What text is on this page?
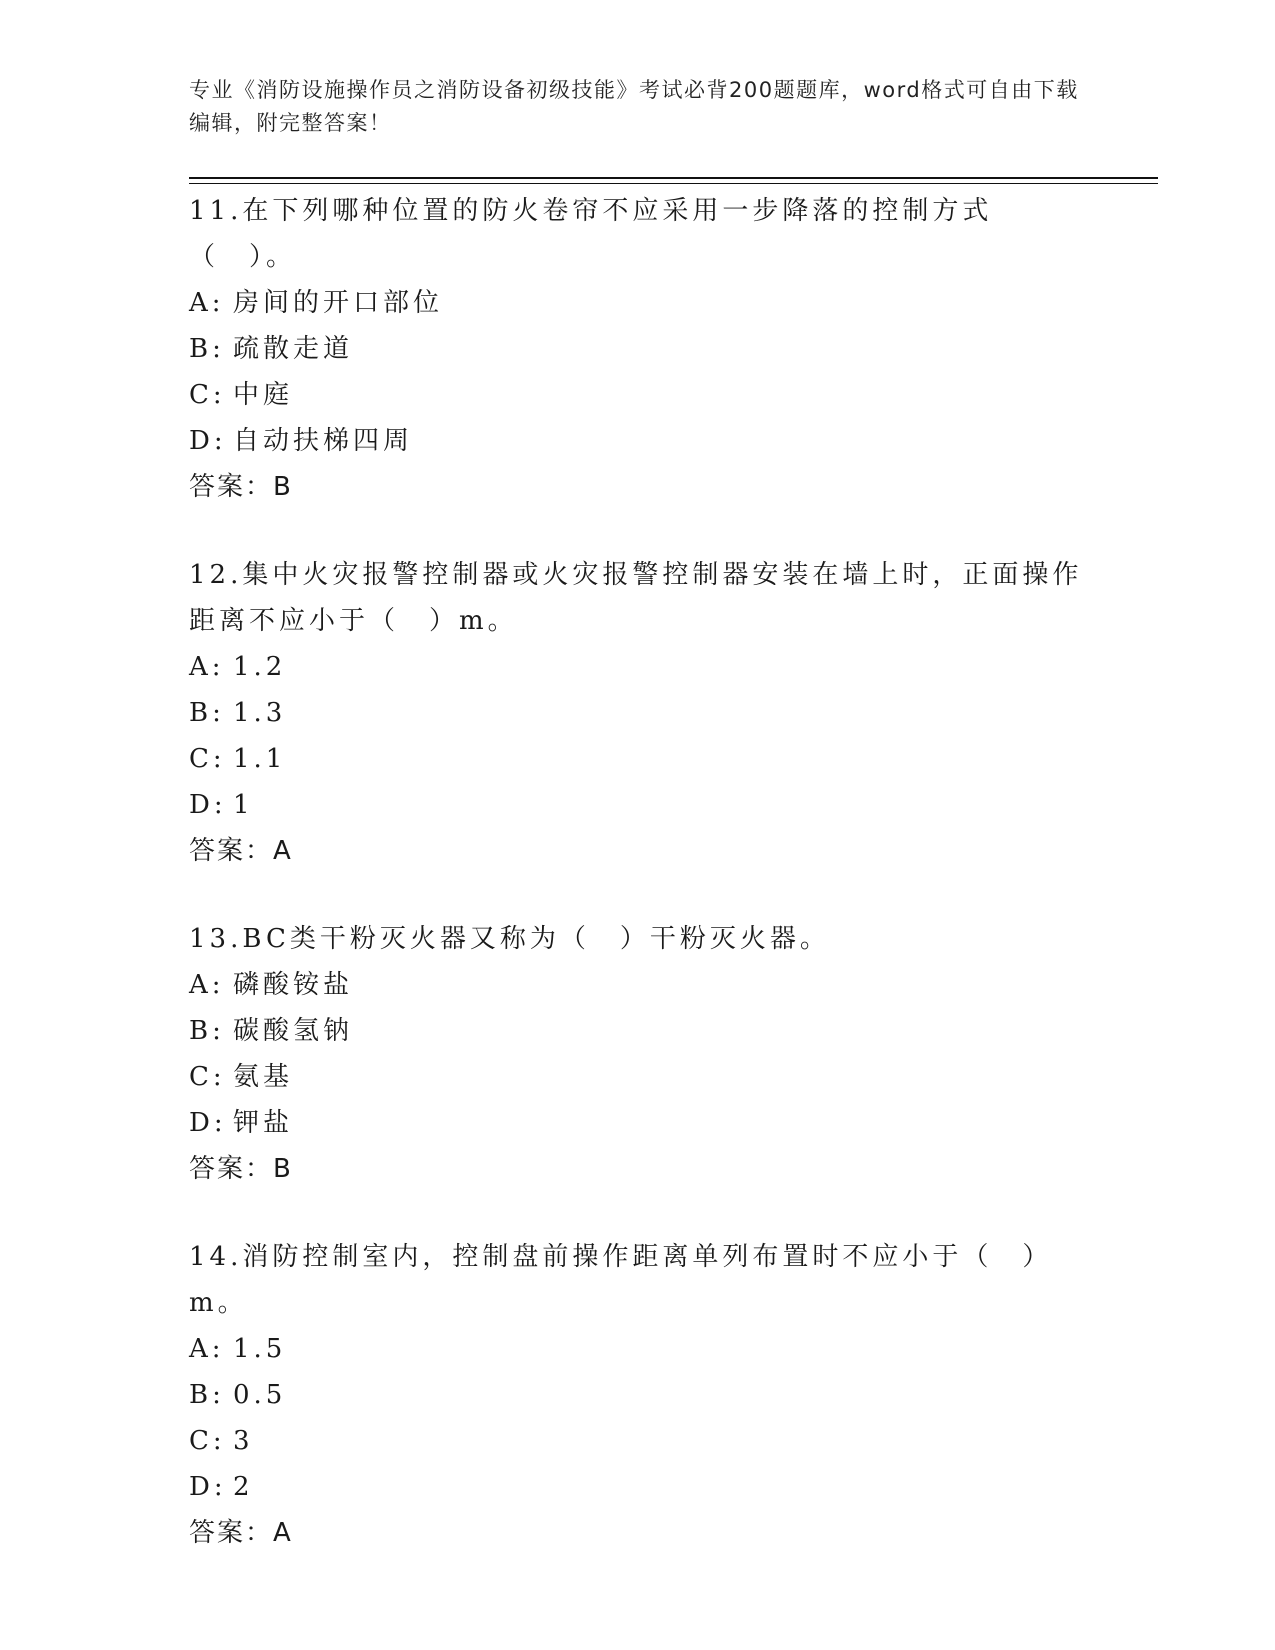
专业《消防设施操作员之消防设备初级技能》考试必背200题题库，word格式可自由下载编辑，附完整答案！

11.在下列哪种位置的防火卷帘不应采用一步降落的控制方式（　）。

A: 房间的开口部位

B: 疏散走道

C: 中庭

D: 自动扶梯四周

答案：B

12.集中火灾报警控制器或火灾报警控制器安装在墙上时，正面操作距离不应小于（　）m。

A: 1.2

B: 1.3

C: 1.1

D: 1

答案：A

13.BC类干粉灭火器又称为（　）干粉灭火器。

A: 磷酸铵盐

B: 碳酸氢钠

C: 氨基

D: 钾盐

答案：B

14.消防控制室内，控制盘前操作距离单列布置时不应小于（　）m。

A: 1.5

B: 0.5

C: 3

D: 2

答案：A
